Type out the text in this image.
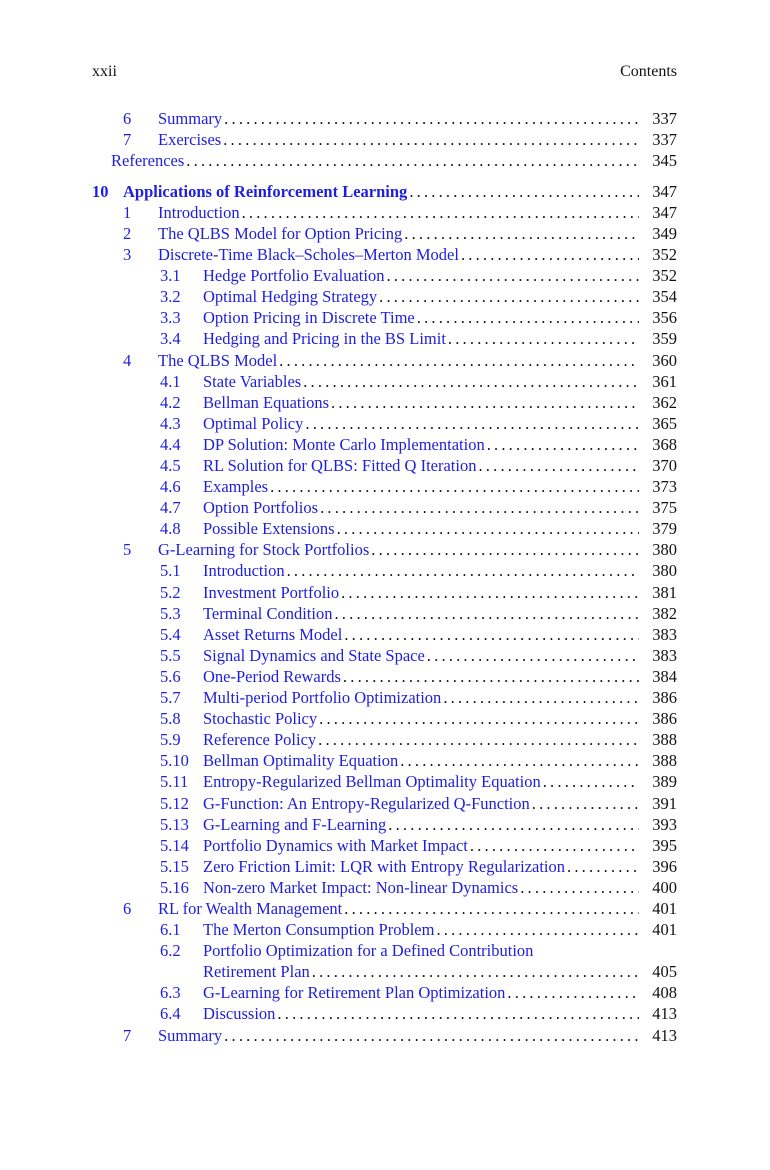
xxii	Contents
6	Summary .....	337
7	Exercises .....	337
References .....	345
10 Applications of Reinforcement Learning .....	347
1	Introduction .....	347
2	The QLBS Model for Option Pricing .....	349
3	Discrete-Time Black–Scholes–Merton Model .....	352
3.1	Hedge Portfolio Evaluation .....	352
3.2	Optimal Hedging Strategy .....	354
3.3	Option Pricing in Discrete Time .....	356
3.4	Hedging and Pricing in the BS Limit .....	359
4	The QLBS Model .....	360
4.1	State Variables .....	361
4.2	Bellman Equations .....	362
4.3	Optimal Policy .....	365
4.4	DP Solution: Monte Carlo Implementation .....	368
4.5	RL Solution for QLBS: Fitted Q Iteration .....	370
4.6	Examples .....	373
4.7	Option Portfolios .....	375
4.8	Possible Extensions .....	379
5	G-Learning for Stock Portfolios .....	380
5.1	Introduction .....	380
5.2	Investment Portfolio .....	381
5.3	Terminal Condition .....	382
5.4	Asset Returns Model .....	383
5.5	Signal Dynamics and State Space .....	383
5.6	One-Period Rewards .....	384
5.7	Multi-period Portfolio Optimization .....	386
5.8	Stochastic Policy .....	386
5.9	Reference Policy .....	388
5.10 Bellman Optimality Equation .....	388
5.11 Entropy-Regularized Bellman Optimality Equation .....	389
5.12 G-Function: An Entropy-Regularized Q-Function .....	391
5.13 G-Learning and F-Learning .....	393
5.14 Portfolio Dynamics with Market Impact .....	395
5.15 Zero Friction Limit: LQR with Entropy Regularization .....	396
5.16 Non-zero Market Impact: Non-linear Dynamics .....	400
6	RL for Wealth Management .....	401
6.1	The Merton Consumption Problem .....	401
6.2	Portfolio Optimization for a Defined Contribution
Retirement Plan .....	405
6.3	G-Learning for Retirement Plan Optimization .....	408
6.4	Discussion .....	413
7	Summary .....	413
